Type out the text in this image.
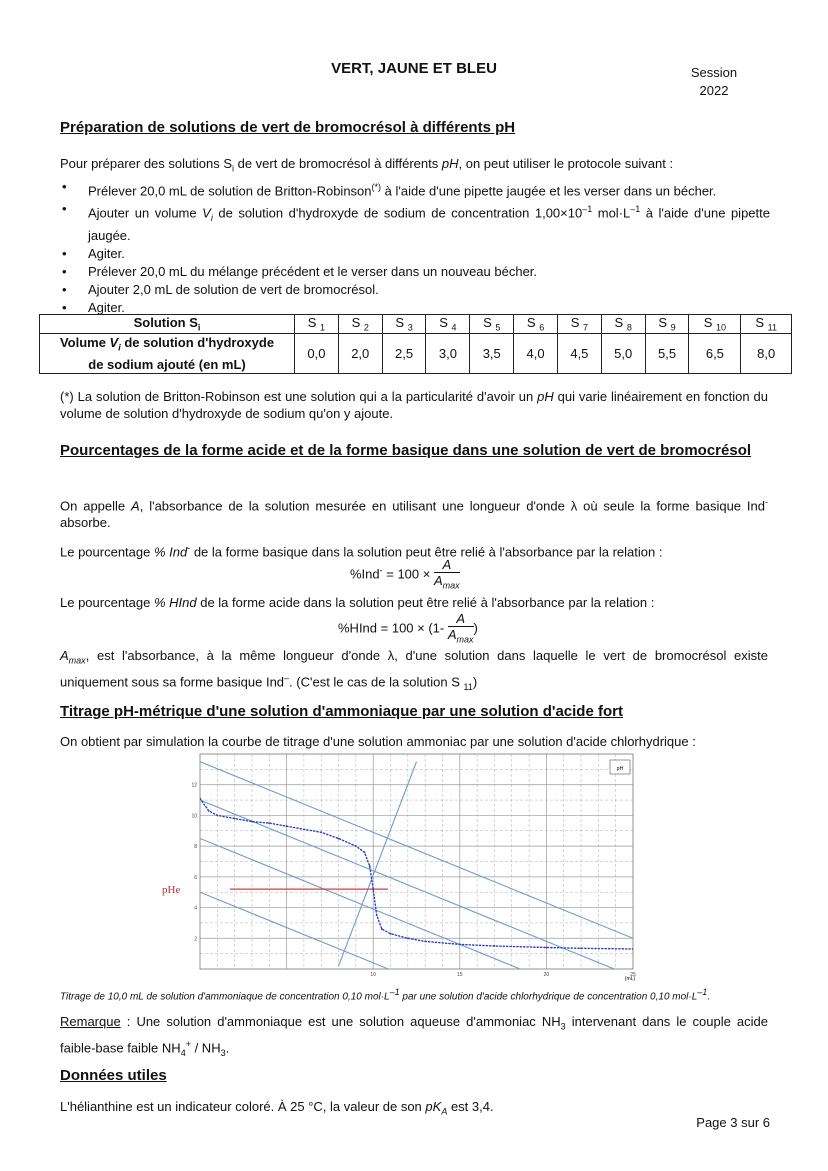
VERT, JAUNE ET BLEU	Session
2022
Préparation de solutions de vert de bromocrésol à différents pH
Pour préparer des solutions $S_i$ de vert de bromocrésol à différents pH, on peut utiliser le protocole suivant :
• Prélever 20,0 mL de solution de Britton-Robinson(*) à l'aide d'une pipette jaugée et les verser dans un bécher.
• Ajouter un volume $V_i$ de solution d'hydroxyde de sodium de concentration $1,00\times 10^{-1}$ $mol\cdot L^{-1}$ à l'aide d'une pipette jaugée.
• Agiter.
• Prélever 20,0 mL du mélange précédent et le verser dans un nouveau bécher.
• Ajouter 2,0 mL de solution de vert de bromocrésol.
• Agiter.
Solution $S_i$	S $_1$	S $_2$	S $_3$	S $_4$	S $_5$	S $_6$	S $_7$	S $_8$	S $_9$	S $_{10}$	S $_{11}$
Volume $V_i$ de solution d'hydroxyde
de sodium ajouté (en mL)	0,0	2,0	2,5	3,0	3,5	4,0	4,5	5,0	5,5	6,5	8,0
(*) La solution de Britton-Robinson est une solution qui a la particularité d'avoir un pH qui varie linéairement en fonction du volume de solution d'hydroxyde de sodium qu'on y ajoute.
Pourcentages de la forme acide et de la forme basique dans une solution de vert de bromocrésol
On appelle A, l'absorbance de la solution mesurée en utilisant une longueur d'onde λ où seule la forme basique Ind- absorbe.
Le pourcentage % Ind- de la forme basique dans la solution peut être relié à l'absorbance par la relation :
$\%Ind^- = 100 \times \frac{A}{A_{max}}$
Le pourcentage % HInd de la forme acide dans la solution peut être relié à l'absorbance par la relation :
%HInd = $100 \times (1- \frac{A}{A_{max}}$ )
$A_{max}$, est l'absorbance, à la même longueur d'onde λ, d'une solution dans laquelle le vert de bromocrésol existe uniquement sous sa forme basique Ind–. (C'est le cas de la solution S $_{11}$)
Titrage pH-métrique d'une solution d'ammoniaque par une solution d'acide fort
On obtient par simulation la courbe de titrage d'une solution ammoniac par une solution d'acide chlorhydrique :
2
4
6
8
10
12
10	15	20	25
pH
pHe
(mL)
Titrage de 10,0 mL de solution d'ammoniaque de concentration 0,10 $mol\cdot L^{-1}$ par une solution d'acide chlorhydrique de concentration 0,10 $mol\cdot L^{-1}$.
Remarque : Une solution d'ammoniaque est une solution aqueuse d'ammoniac $NH_3$ intervenant dans le couple acide faible-base faible $NH_4^+ / NH_3$.
Données utiles
L'hélianthine est un indicateur coloré. À 25 °C, la valeur de son $pK_A$ est 3,4.
Page 3 sur 6
